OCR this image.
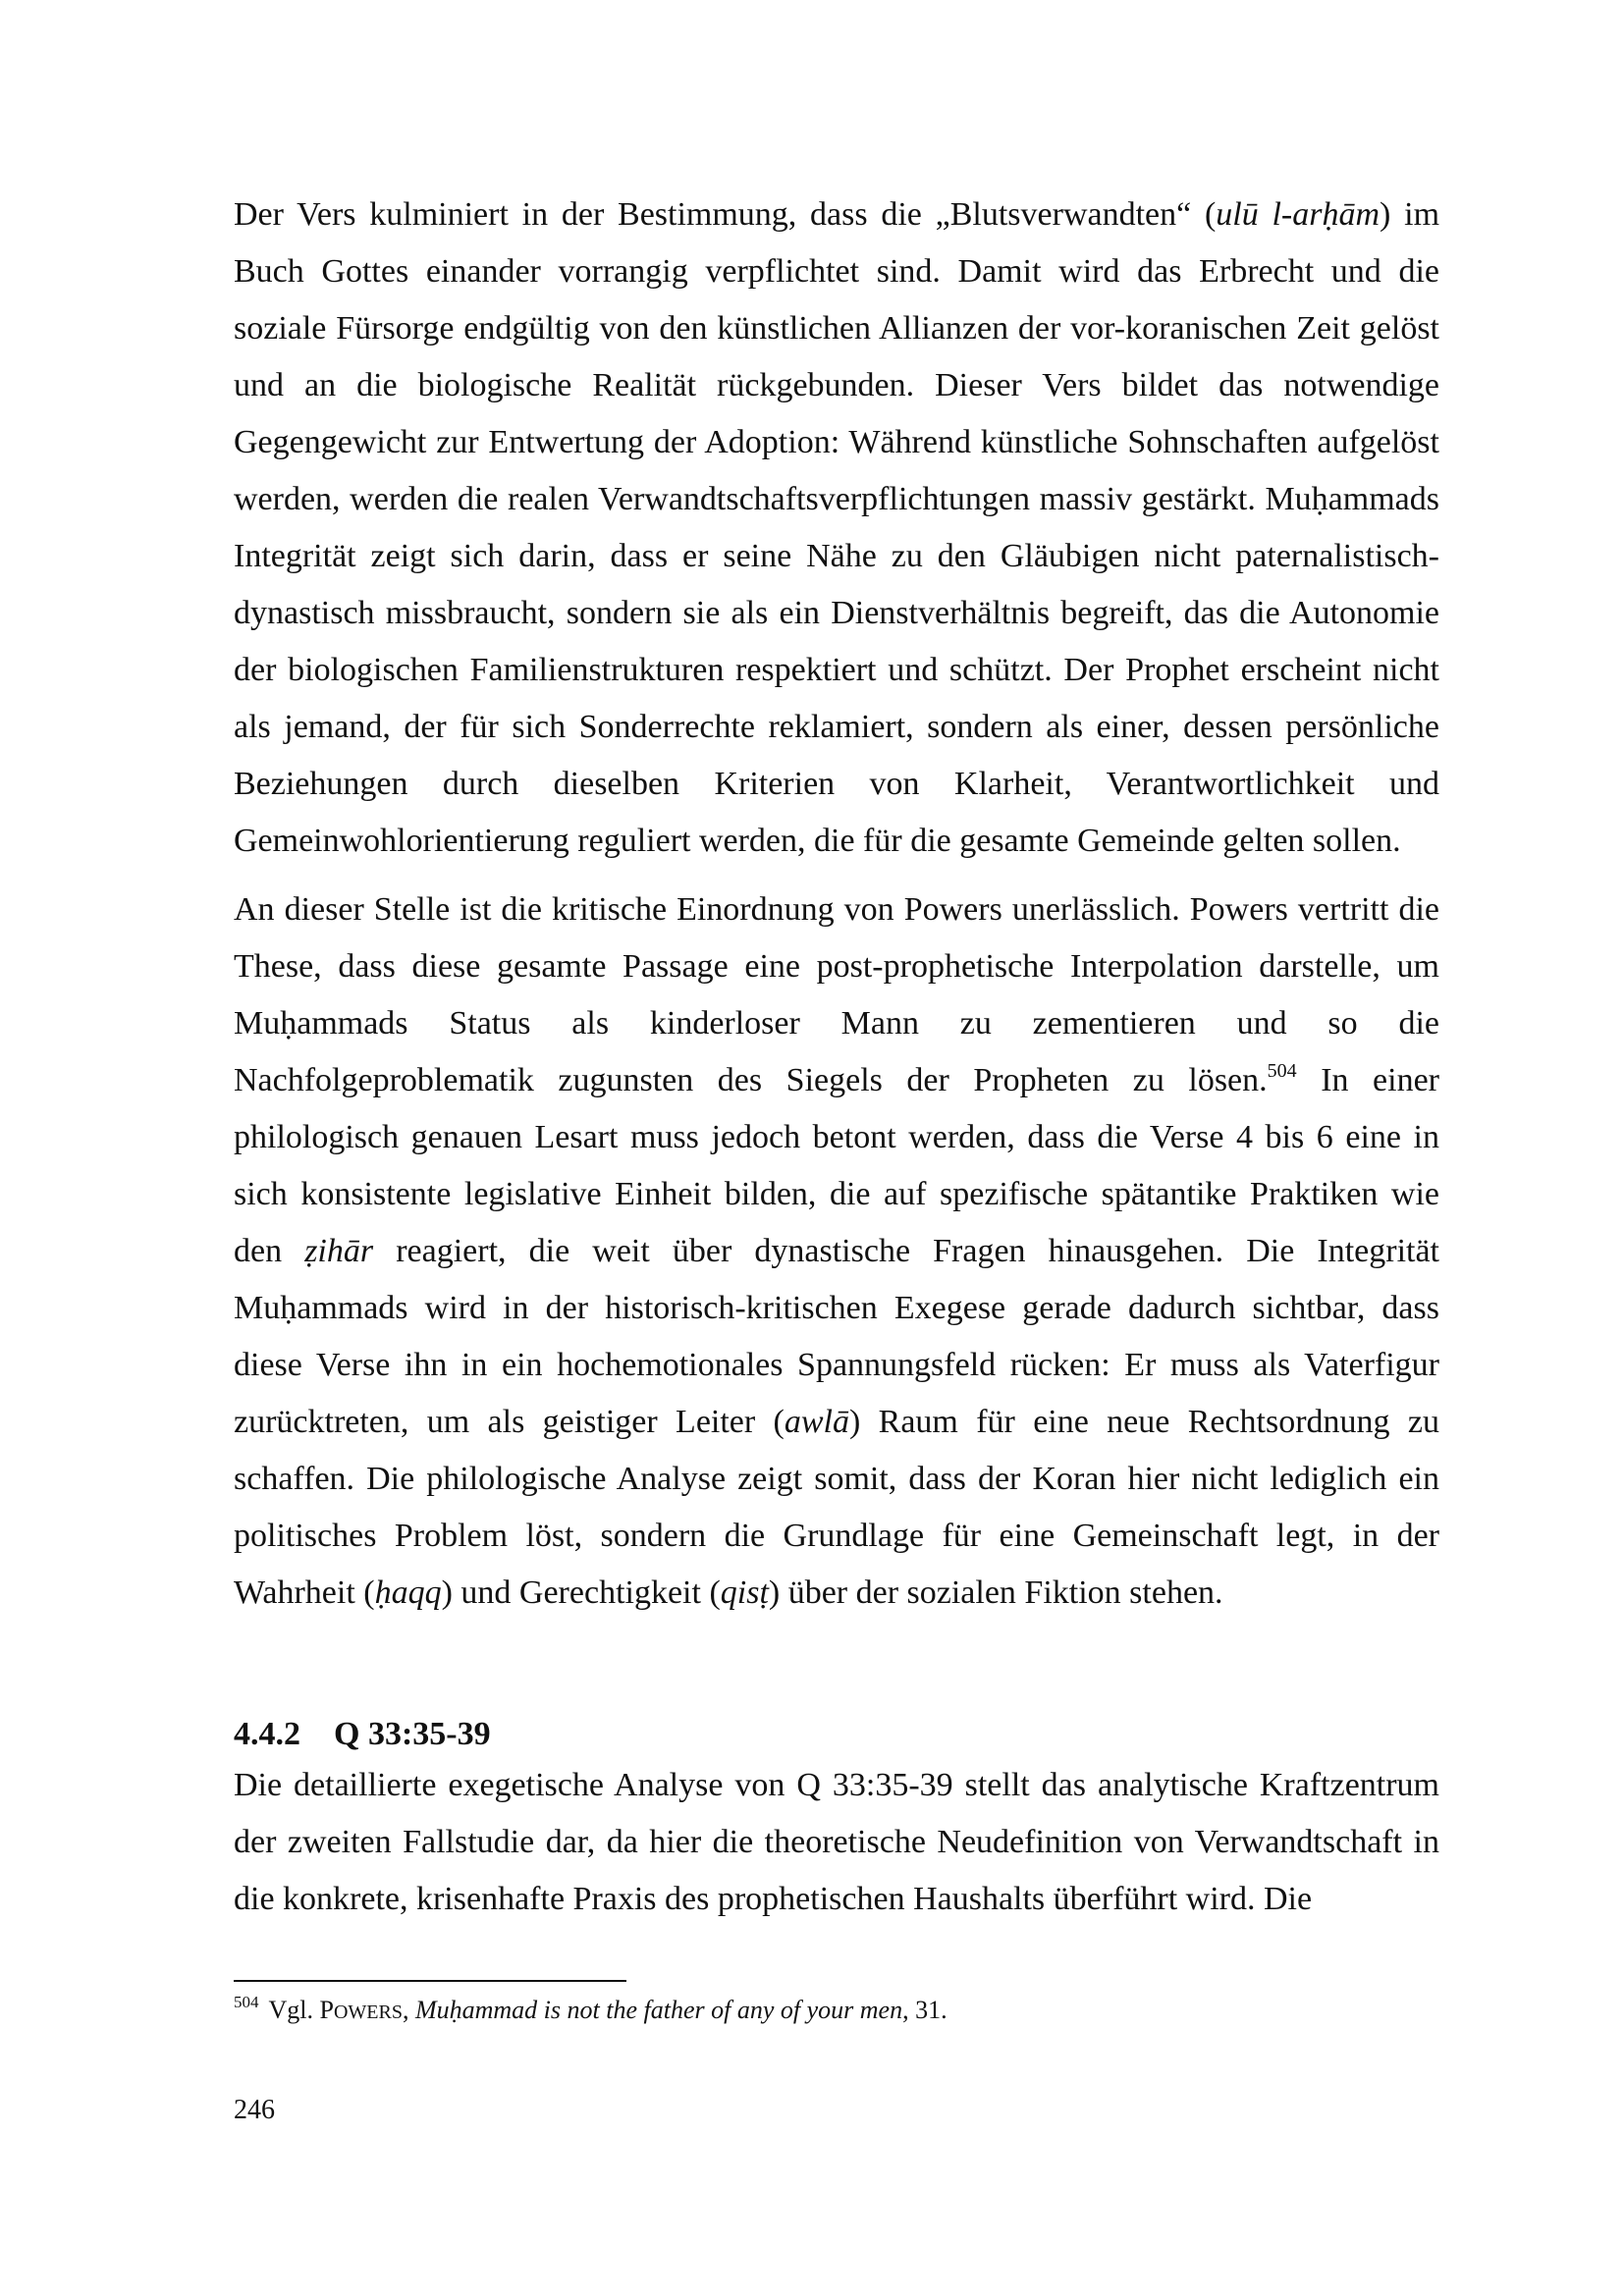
Der Vers kulminiert in der Bestimmung, dass die „Blutsverwandten“ (ulū l-arḥām) im Buch Gottes einander vorrangig verpflichtet sind. Damit wird das Erbrecht und die soziale Fürsorge endgültig von den künstlichen Allianzen der vor-koranischen Zeit gelöst und an die biologische Realität rückgebunden. Dieser Vers bildet das notwendige Gegengewicht zur Entwertung der Adoption: Während künstliche Sohnschaften aufgelöst werden, werden die realen Verwandtschaftsverpflichtungen massiv gestärkt. Muḥammads Integrität zeigt sich darin, dass er seine Nähe zu den Gläubigen nicht paternalistisch-dynastisch missbraucht, sondern sie als ein Dienstverhältnis begreift, das die Autonomie der biologischen Familienstrukturen respektiert und schützt. Der Prophet erscheint nicht als jemand, der für sich Sonderrechte reklamiert, sondern als einer, dessen persönliche Beziehungen durch dieselben Kriterien von Klarheit, Verantwortlichkeit und Gemeinwohlorientierung reguliert werden, die für die gesamte Gemeinde gelten sollen.

An dieser Stelle ist die kritische Einordnung von Powers unerlässlich. Powers vertritt die These, dass diese gesamte Passage eine post-prophetische Interpolation darstelle, um Muḥammads Status als kinderloser Mann zu zementieren und so die Nachfolgeproblematik zugunsten des Siegels der Propheten zu lösen.$^{504}$ In einer philologisch genauen Lesart muss jedoch betont werden, dass die Verse 4 bis 6 eine in sich konsistente legislative Einheit bilden, die auf spezifische spätantike Praktiken wie den ẓihār reagiert, die weit über dynastische Fragen hinausgehen. Die Integrität Muḥammads wird in der historisch-kritischen Exegese gerade dadurch sichtbar, dass diese Verse ihn in ein hochemotionales Spannungsfeld rücken: Er muss als Vaterfigur zurücktreten, um als geistiger Leiter (awlā) Raum für eine neue Rechtsordnung zu schaffen. Die philologische Analyse zeigt somit, dass der Koran hier nicht lediglich ein politisches Problem löst, sondern die Grundlage für eine Gemeinschaft legt, in der Wahrheit (ḥaqq) und Gerechtigkeit (qisṭ) über der sozialen Fiktion stehen.

4.4.2 Q 33:35-39

Die detaillierte exegetische Analyse von Q 33:35-39 stellt das analytische Kraftzentrum der zweiten Fallstudie dar, da hier die theoretische Neudefinition von Verwandtschaft in die konkrete, krisenhafte Praxis des prophetischen Haushalts überführt wird. Die

$^{504}$ Vgl. POWERS, Muḥammad is not the father of any of your men, 31.
246
